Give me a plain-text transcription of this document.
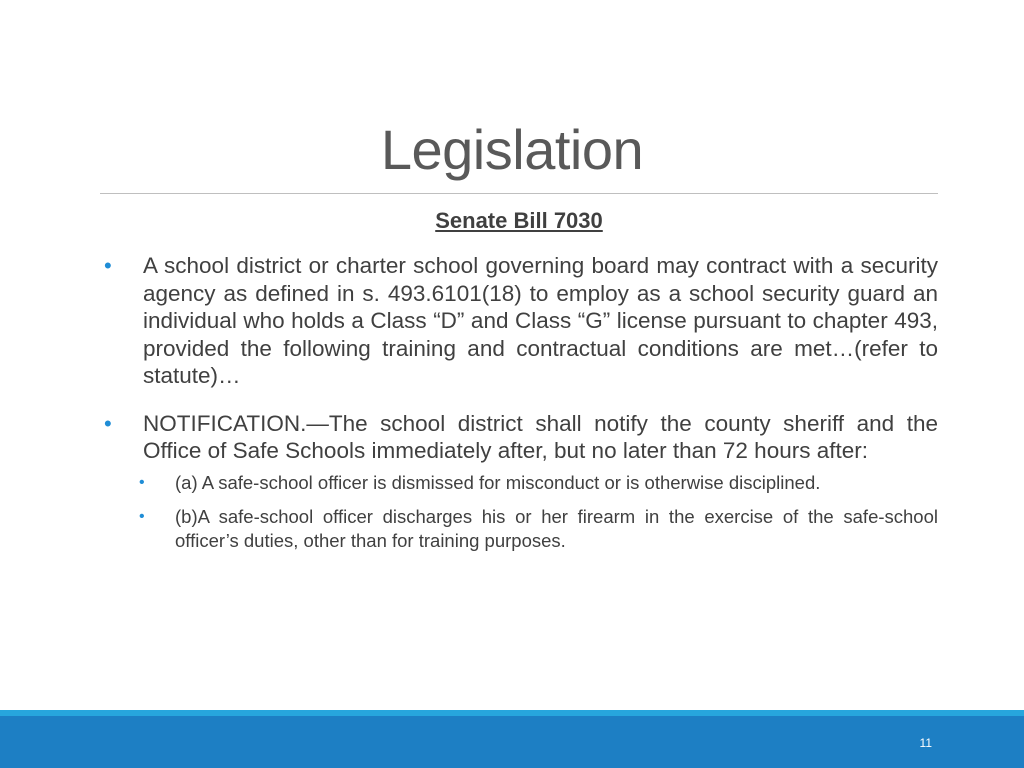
Legislation
Senate Bill 7030
• A school district or charter school governing board may contract with a security agency as defined in s. 493.6101(18) to employ as a school security guard an individual who holds a Class “D” and Class “G” license pursuant to chapter 493, provided the following training and contractual conditions are met…(refer to statute)…
• NOTIFICATION.—The school district shall notify the county sheriff and the Office of Safe Schools immediately after, but no later than 72 hours after:
• (a) A safe-school officer is dismissed for misconduct or is otherwise disciplined.
• (b)A safe-school officer discharges his or her firearm in the exercise of the safe-school officer’s duties, other than for training purposes.
11
